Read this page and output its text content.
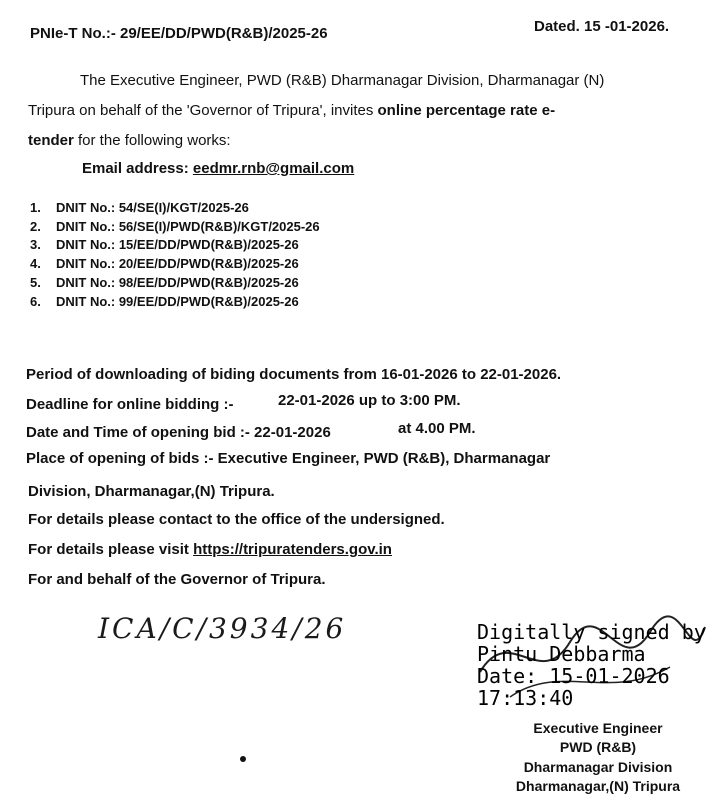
PNIe-T No.:- 29/EE/DD/PWD(R&B)/2025-26	Dated. 15 -01-2026.
The Executive Engineer, PWD (R&B) Dharmanagar Division, Dharmanagar (N)
Tripura on behalf of the 'Governor of Tripura', invites online percentage rate e-
tender for the following works:
Email address: eedmr.rnb@gmail.com
1. DNIT No.: 54/SE(I)/KGT/2025-26
2. DNIT No.: 56/SE(I)/PWD(R&B)/KGT/2025-26
3. DNIT No.: 15/EE/DD/PWD(R&B)/2025-26
4. DNIT No.: 20/EE/DD/PWD(R&B)/2025-26
5. DNIT No.: 98/EE/DD/PWD(R&B)/2025-26
6. DNIT No.: 99/EE/DD/PWD(R&B)/2025-26
Period of downloading of biding documents from 16-01-2026 to 22-01-2026.
Deadline for online bidding :-	22-01-2026 up to 3:00 PM.
Date and Time of opening bid :- 22-01-2026	at 4.00 PM.
Place of opening of bids :- Executive Engineer, PWD (R&B), Dharmanagar
Division, Dharmanagar,(N) Tripura.
For details please contact to the office of the undersigned.
For details please visit https://tripuratenders.gov.in
For and behalf of the Governor of Tripura.
ICA/C/3934/26	Digitally signed by
Pintu Debbarma
Date: 15-01-2026
17:13:40
Executive Engineer
PWD (R&B)
Dharmanagar Division
Dharmanagar,(N) Tripura
